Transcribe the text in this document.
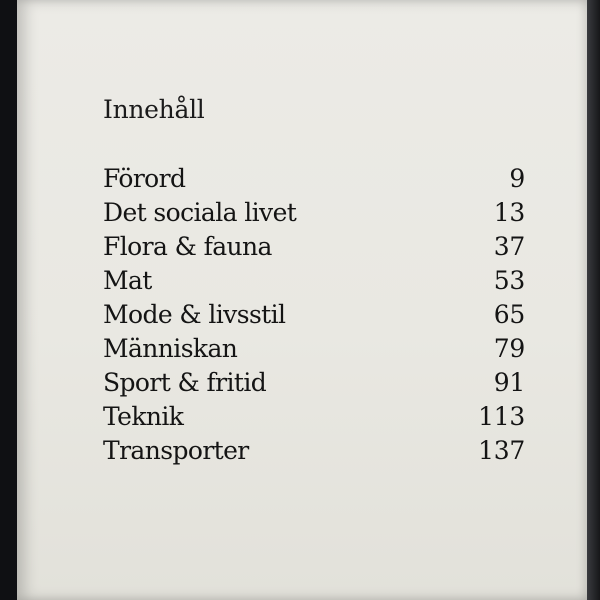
Innehåll
Förord	9
Det sociala livet	13
Flora & fauna	37
Mat	53
Mode & livsstil	65
Människan	79
Sport & fritid	91
Teknik	113
Transporter	137
